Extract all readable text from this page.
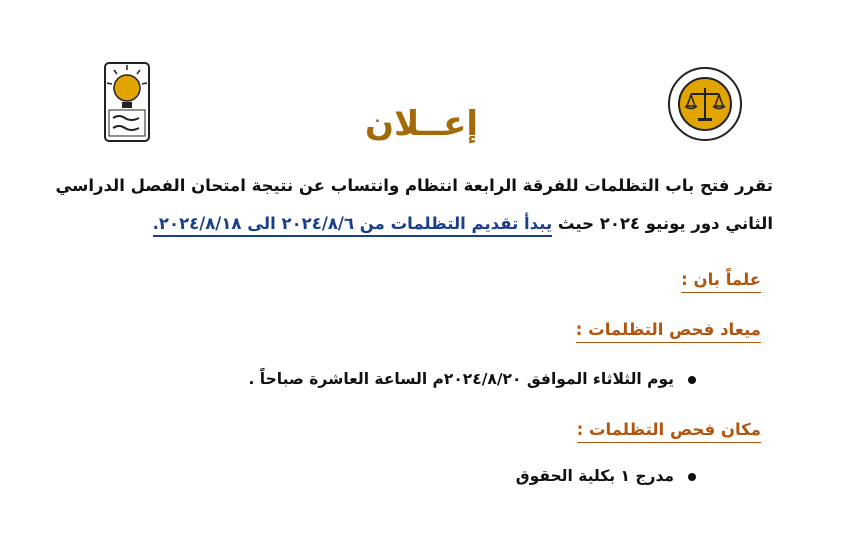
إعــلان
تقرر فتح باب التظلمات للفرقة الرابعة انتظام وانتساب عن نتيجة امتحان الفصل الدراسي
الثاني دور يونيو ٢٠٢٤ حيث يبدأ تقديم التظلمات من ٢٠٢٤/٨/٦ الى ٢٠٢٤/٨/١٨.
علماً بان :
ميعاد فحص التظلمات :
يوم الثلاثاء الموافق ٢٠٢٤/٨/٢٠م الساعة العاشرة صباحاً .
مكان فحص التظلمات :
مدرج ١ بكلية الحقوق
